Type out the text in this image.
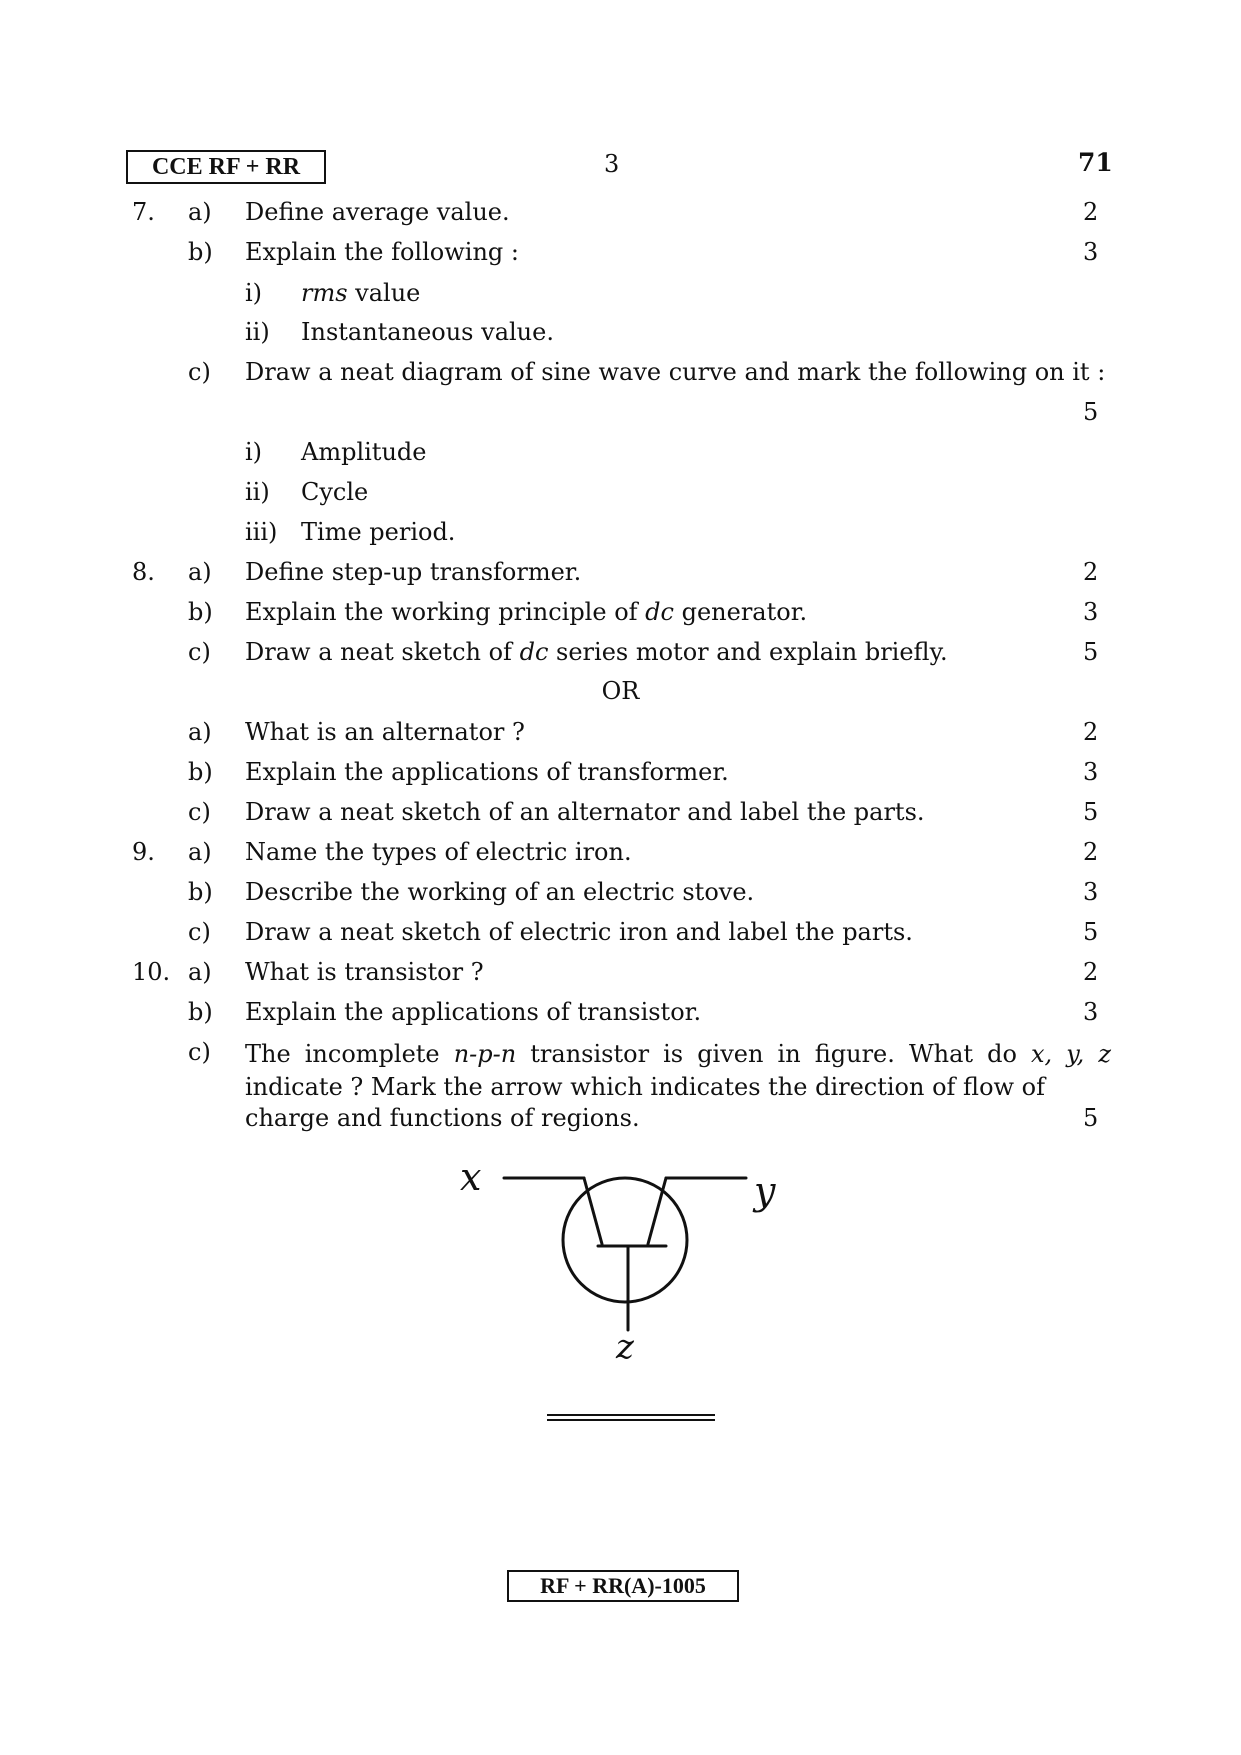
CCE RF + RR	3	71
7. a) Define average value.	2
b) Explain the following :	3
i) rms value
ii) Instantaneous value.
c) Draw a neat diagram of sine wave curve and mark the following on it :
5
i) Amplitude
ii) Cycle
iii) Time period.
8. a) Define step-up transformer.	2
b) Explain the working principle of dc generator.	3
c) Draw a neat sketch of dc series motor and explain briefly.	5
OR
a) What is an alternator ?	2
b) Explain the applications of transformer.	3
c) Draw a neat sketch of an alternator and label the parts.	5
9. a) Name the types of electric iron.	2
b) Describe the working of an electric stove.	3
c) Draw a neat sketch of electric iron and label the parts.	5
10. a) What is transistor ?	2
b) Explain the applications of transistor.	3
c) The incomplete n-p-n transistor is given in figure. What do x, y, z indicate ? Mark the arrow which indicates the direction of flow of
charge and functions of regions.	5
x	y
z
RF + RR(A)-1005
